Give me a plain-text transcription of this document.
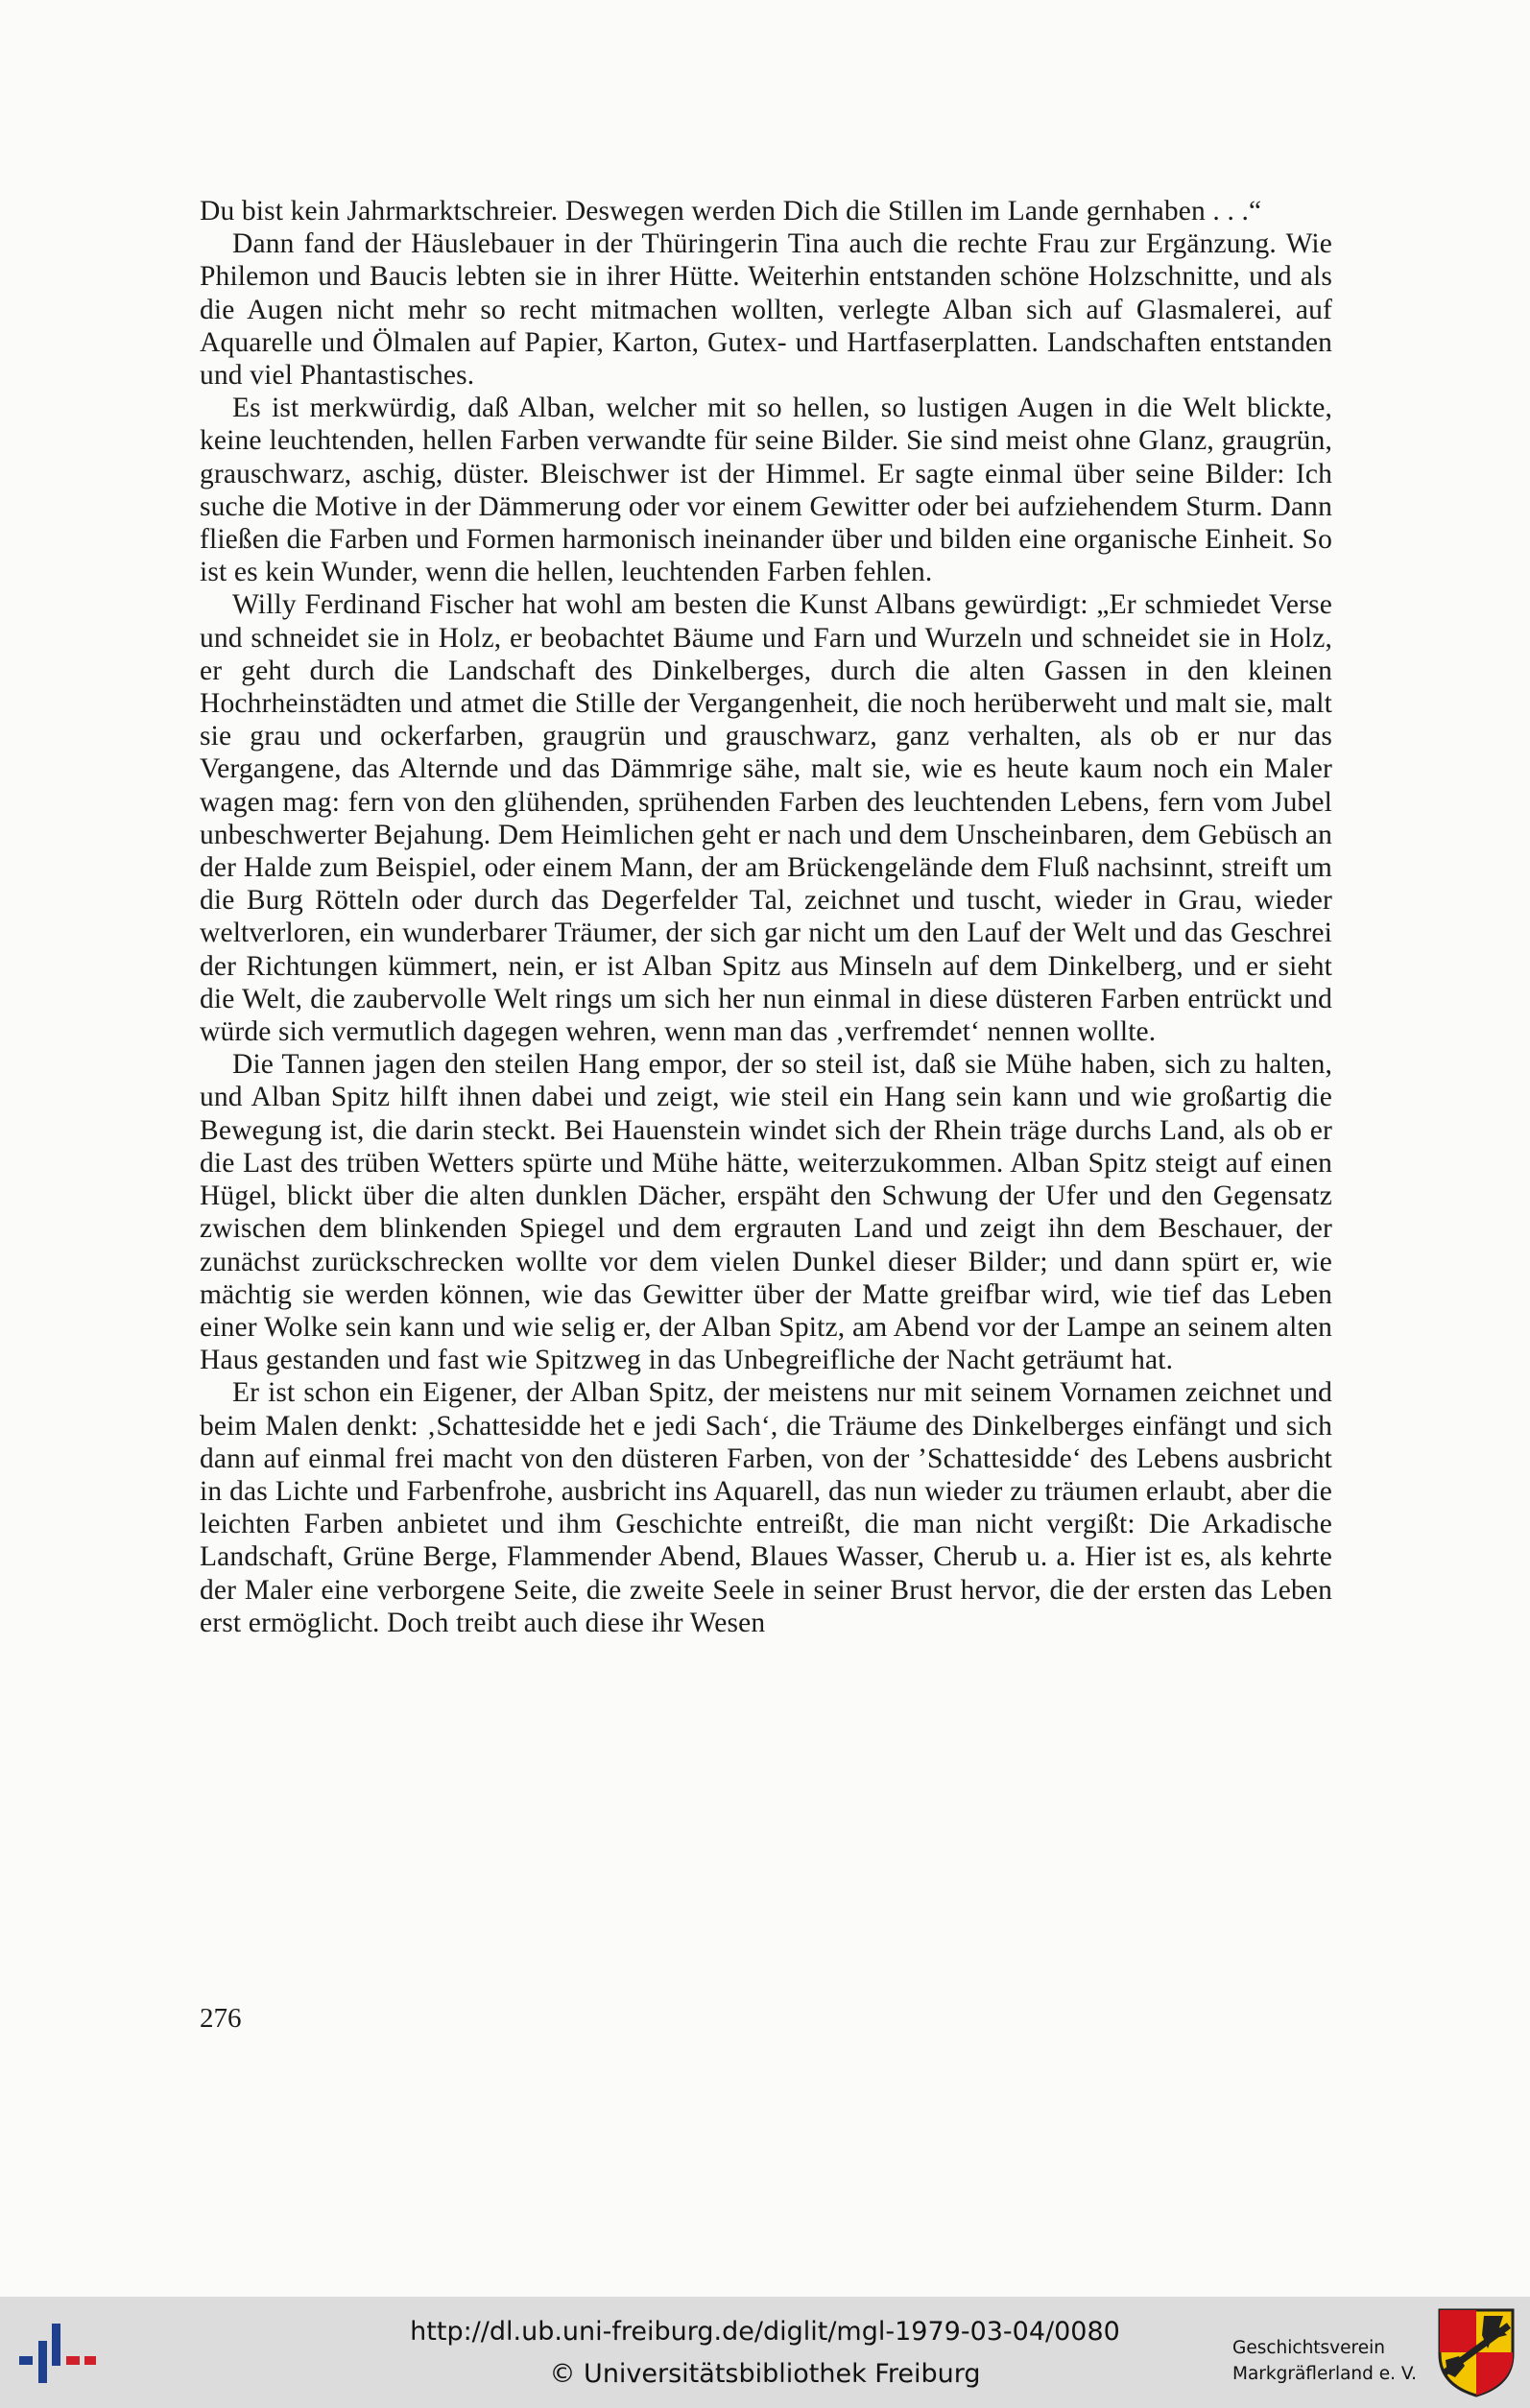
Du bist kein Jahrmarktschreier. Deswegen werden Dich die Stillen im Lande gernhaben . . .“

Dann fand der Häuslebauer in der Thüringerin Tina auch die rechte Frau zur Ergänzung. Wie Philemon und Baucis lebten sie in ihrer Hütte. Weiterhin entstanden schöne Holzschnitte, und als die Augen nicht mehr so recht mitmachen wollten, verlegte Alban sich auf Glasmalerei, auf Aquarelle und Ölmalen auf Papier, Karton, Gutex- und Hartfaserplatten. Landschaften entstanden und viel Phantastisches.

Es ist merkwürdig, daß Alban, welcher mit so hellen, so lustigen Augen in die Welt blickte, keine leuchtenden, hellen Farben verwandte für seine Bilder. Sie sind meist ohne Glanz, graugrün, grauschwarz, aschig, düster. Bleischwer ist der Himmel. Er sagte einmal über seine Bilder: Ich suche die Motive in der Dämmerung oder vor einem Gewitter oder bei aufziehendem Sturm. Dann fließen die Farben und Formen harmonisch ineinander über und bilden eine organische Einheit. So ist es kein Wunder, wenn die hellen, leuchtenden Farben fehlen.

Willy Ferdinand Fischer hat wohl am besten die Kunst Albans gewürdigt: „Er schmiedet Verse und schneidet sie in Holz, er beobachtet Bäume und Farn und Wurzeln und schneidet sie in Holz, er geht durch die Landschaft des Dinkelberges, durch die alten Gassen in den kleinen Hochrheinstädten und atmet die Stille der Vergangenheit, die noch herüberweht und malt sie, malt sie grau und ockerfarben, graugrün und grauschwarz, ganz verhalten, als ob er nur das Vergangene, das Alternde und das Dämmrige sähe, malt sie, wie es heute kaum noch ein Maler wagen mag: fern von den glühenden, sprühenden Farben des leuchtenden Lebens, fern vom Jubel unbeschwerter Bejahung. Dem Heimlichen geht er nach und dem Unscheinbaren, dem Gebüsch an der Halde zum Beispiel, oder einem Mann, der am Brückengelände dem Fluß nachsinnt, streift um die Burg Rötteln oder durch das Degerfelder Tal, zeichnet und tuscht, wieder in Grau, wieder weltverloren, ein wunderbarer Träumer, der sich gar nicht um den Lauf der Welt und das Geschrei der Richtungen kümmert, nein, er ist Alban Spitz aus Minseln auf dem Dinkelberg, und er sieht die Welt, die zaubervolle Welt rings um sich her nun einmal in diese düsteren Farben entrückt und würde sich vermutlich dagegen wehren, wenn man das ‚verfremdet‘ nennen wollte.

Die Tannen jagen den steilen Hang empor, der so steil ist, daß sie Mühe haben, sich zu halten, und Alban Spitz hilft ihnen dabei und zeigt, wie steil ein Hang sein kann und wie großartig die Bewegung ist, die darin steckt. Bei Hauenstein windet sich der Rhein träge durchs Land, als ob er die Last des trüben Wetters spürte und Mühe hätte, weiterzukommen. Alban Spitz steigt auf einen Hügel, blickt über die alten dunklen Dächer, erspäht den Schwung der Ufer und den Gegensatz zwischen dem blinkenden Spiegel und dem ergrauten Land und zeigt ihn dem Beschauer, der zunächst zurückschrecken wollte vor dem vielen Dunkel dieser Bilder; und dann spürt er, wie mächtig sie werden können, wie das Gewitter über der Matte greifbar wird, wie tief das Leben einer Wolke sein kann und wie selig er, der Alban Spitz, am Abend vor der Lampe an seinem alten Haus gestanden und fast wie Spitzweg in das Unbegreifliche der Nacht geträumt hat.

Er ist schon ein Eigener, der Alban Spitz, der meistens nur mit seinem Vornamen zeichnet und beim Malen denkt: ‚Schattesidde het e jedi Sach‘, die Träume des Dinkelberges einfängt und sich dann auf einmal frei macht von den düsteren Farben, von der ’Schattesidde‘ des Lebens ausbricht in das Lichte und Farbenfrohe, ausbricht ins Aquarell, das nun wieder zu träumen erlaubt, aber die leichten Farben anbietet und ihm Geschichte entreißt, die man nicht vergißt: Die Arkadische Landschaft, Grüne Berge, Flammender Abend, Blaues Wasser, Cherub u. a. Hier ist es, als kehrte der Maler eine verborgene Seite, die zweite Seele in seiner Brust hervor, die der ersten das Leben erst ermöglicht. Doch treibt auch diese ihr Wesen

276
http://dl.ub.uni-freiburg.de/diglit/mgl-1979-03-04/0080
© Universitätsbibliothek Freiburg
Geschichtsverein
Markgräflerland e. V.
